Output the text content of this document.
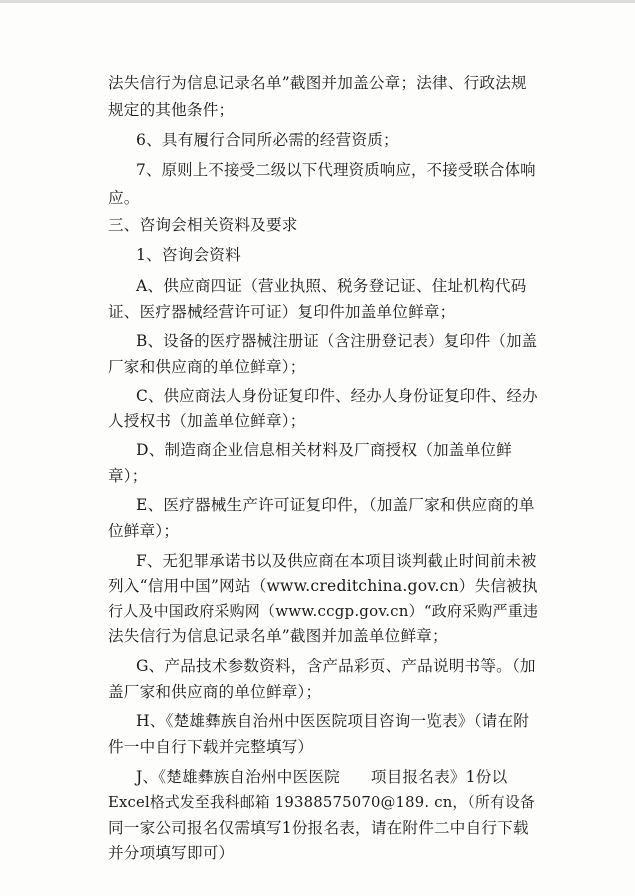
法失信行为信息记录名单”截图并加盖公章；法律、行政法规
规定的其他条件；
6、具有履行合同所必需的经营资质；
7、原则上不接受二级以下代理资质响应，不接受联合体响
应。
三、咨询会相关资料及要求
1、咨询会资料
A、供应商四证（营业执照、税务登记证、住址机构代码
证、医疗器械经营许可证）复印件加盖单位鲜章；
B、设备的医疗器械注册证（含注册登记表）复印件（加盖
厂家和供应商的单位鲜章）；
C、供应商法人身份证复印件、经办人身份证复印件、经办
人授权书（加盖单位鲜章）；
D、制造商企业信息相关材料及厂商授权（加盖单位鲜
章）；
E、医疗器械生产许可证复印件，（加盖厂家和供应商的单
位鲜章）；
F、无犯罪承诺书以及供应商在本项目谈判截止时间前未被
列入“信用中国”网站（www.creditchina.gov.cn）失信被执
行人及中国政府采购网（www.ccgp.gov.cn）“政府采购严重违
法失信行为信息记录名单”截图并加盖单位鲜章；
G、产品技术参数资料，含产品彩页、产品说明书等。（加
盖厂家和供应商的单位鲜章）；
H、《楚雄彝族自治州中医医院项目咨询一览表》（请在附
件一中自行下载并完整填写）
J、《楚雄彝族自治州中医医院      项目报名表》1份以
Excel格式发至我科邮箱 19388575070@189. cn，（所有设备
同一家公司报名仅需填写1份报名表，请在附件二中自行下载
并分项填写即可）
